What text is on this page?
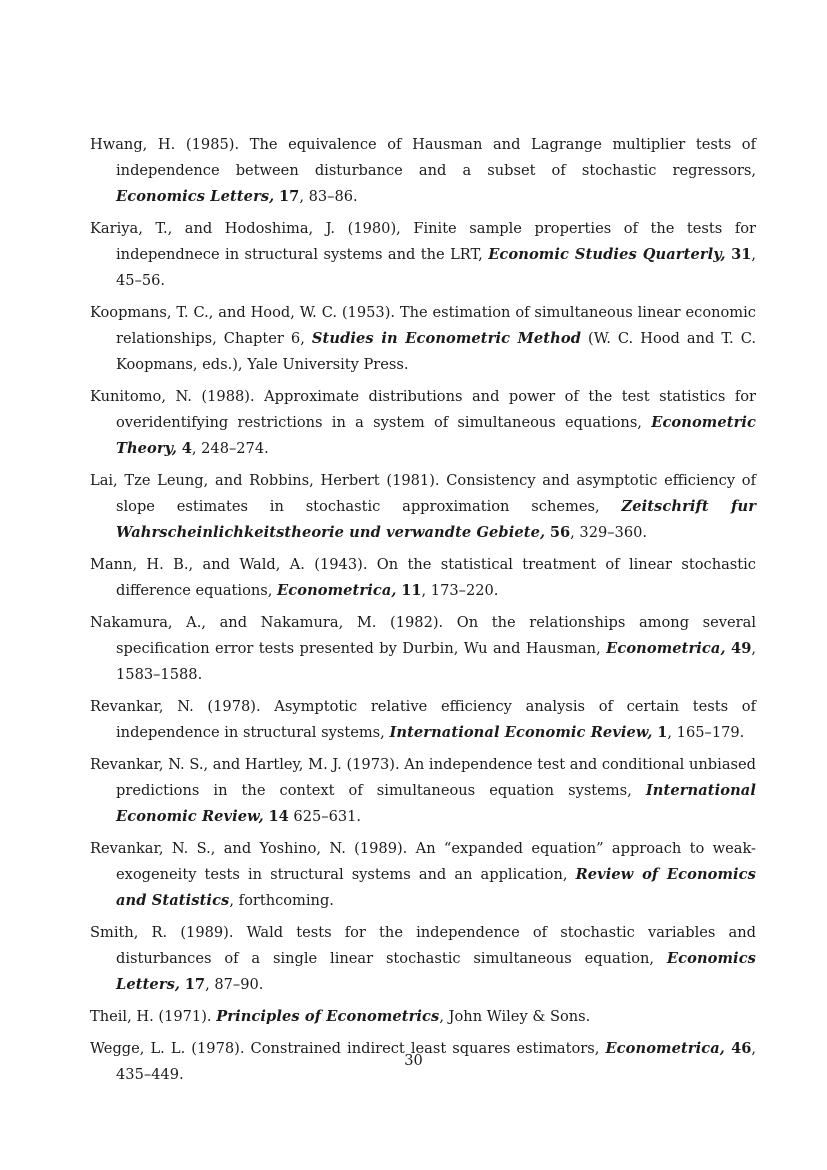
Hwang, H. (1985). The equivalence of Hausman and Lagrange multiplier tests of independence between disturbance and a subset of stochastic regressors, Economics Letters, 17, 83–86.

Kariya, T., and Hodoshima, J. (1980), Finite sample properties of the tests for independnece in structural systems and the LRT, Economic Studies Quarterly, 31, 45–56.

Koopmans, T. C., and Hood, W. C. (1953). The estimation of simultaneous linear economic relationships, Chapter 6, Studies in Econometric Method (W. C. Hood and T. C. Koopmans, eds.), Yale University Press.

Kunitomo, N. (1988). Approximate distributions and power of the test statistics for overidentifying restrictions in a system of simultaneous equations, Econometric Theory, 4, 248–274.

Lai, Tze Leung, and Robbins, Herbert (1981). Consistency and asymptotic efficiency of slope estimates in stochastic approximation schemes, Zeitschrift fur Wahrscheinlichkeitstheorie und verwandte Gebiete, 56, 329–360.

Mann, H. B., and Wald, A. (1943). On the statistical treatment of linear stochastic difference equations, Econometrica, 11, 173–220.

Nakamura, A., and Nakamura, M. (1982). On the relationships among several specification error tests presented by Durbin, Wu and Hausman, Econometrica, 49, 1583–1588.

Revankar, N. (1978). Asymptotic relative efficiency analysis of certain tests of independence in structural systems, International Economic Review, 1, 165–179.

Revankar, N. S., and Hartley, M. J. (1973). An independence test and conditional unbiased predictions in the context of simultaneous equation systems, International Economic Review, 14 625–631.

Revankar, N. S., and Yoshino, N. (1989). An “expanded equation” approach to weak-exogeneity tests in structural systems and an application, Review of Economics and Statistics, forthcoming.

Smith, R. (1989). Wald tests for the independence of stochastic variables and disturbances of a single linear stochastic simultaneous equation, Economics Letters, 17, 87–90.

Theil, H. (1971). Principles of Econometrics, John Wiley & Sons.

Wegge, L. L. (1978). Constrained indirect least squares estimators, Econometrica, 46, 435–449.

30
